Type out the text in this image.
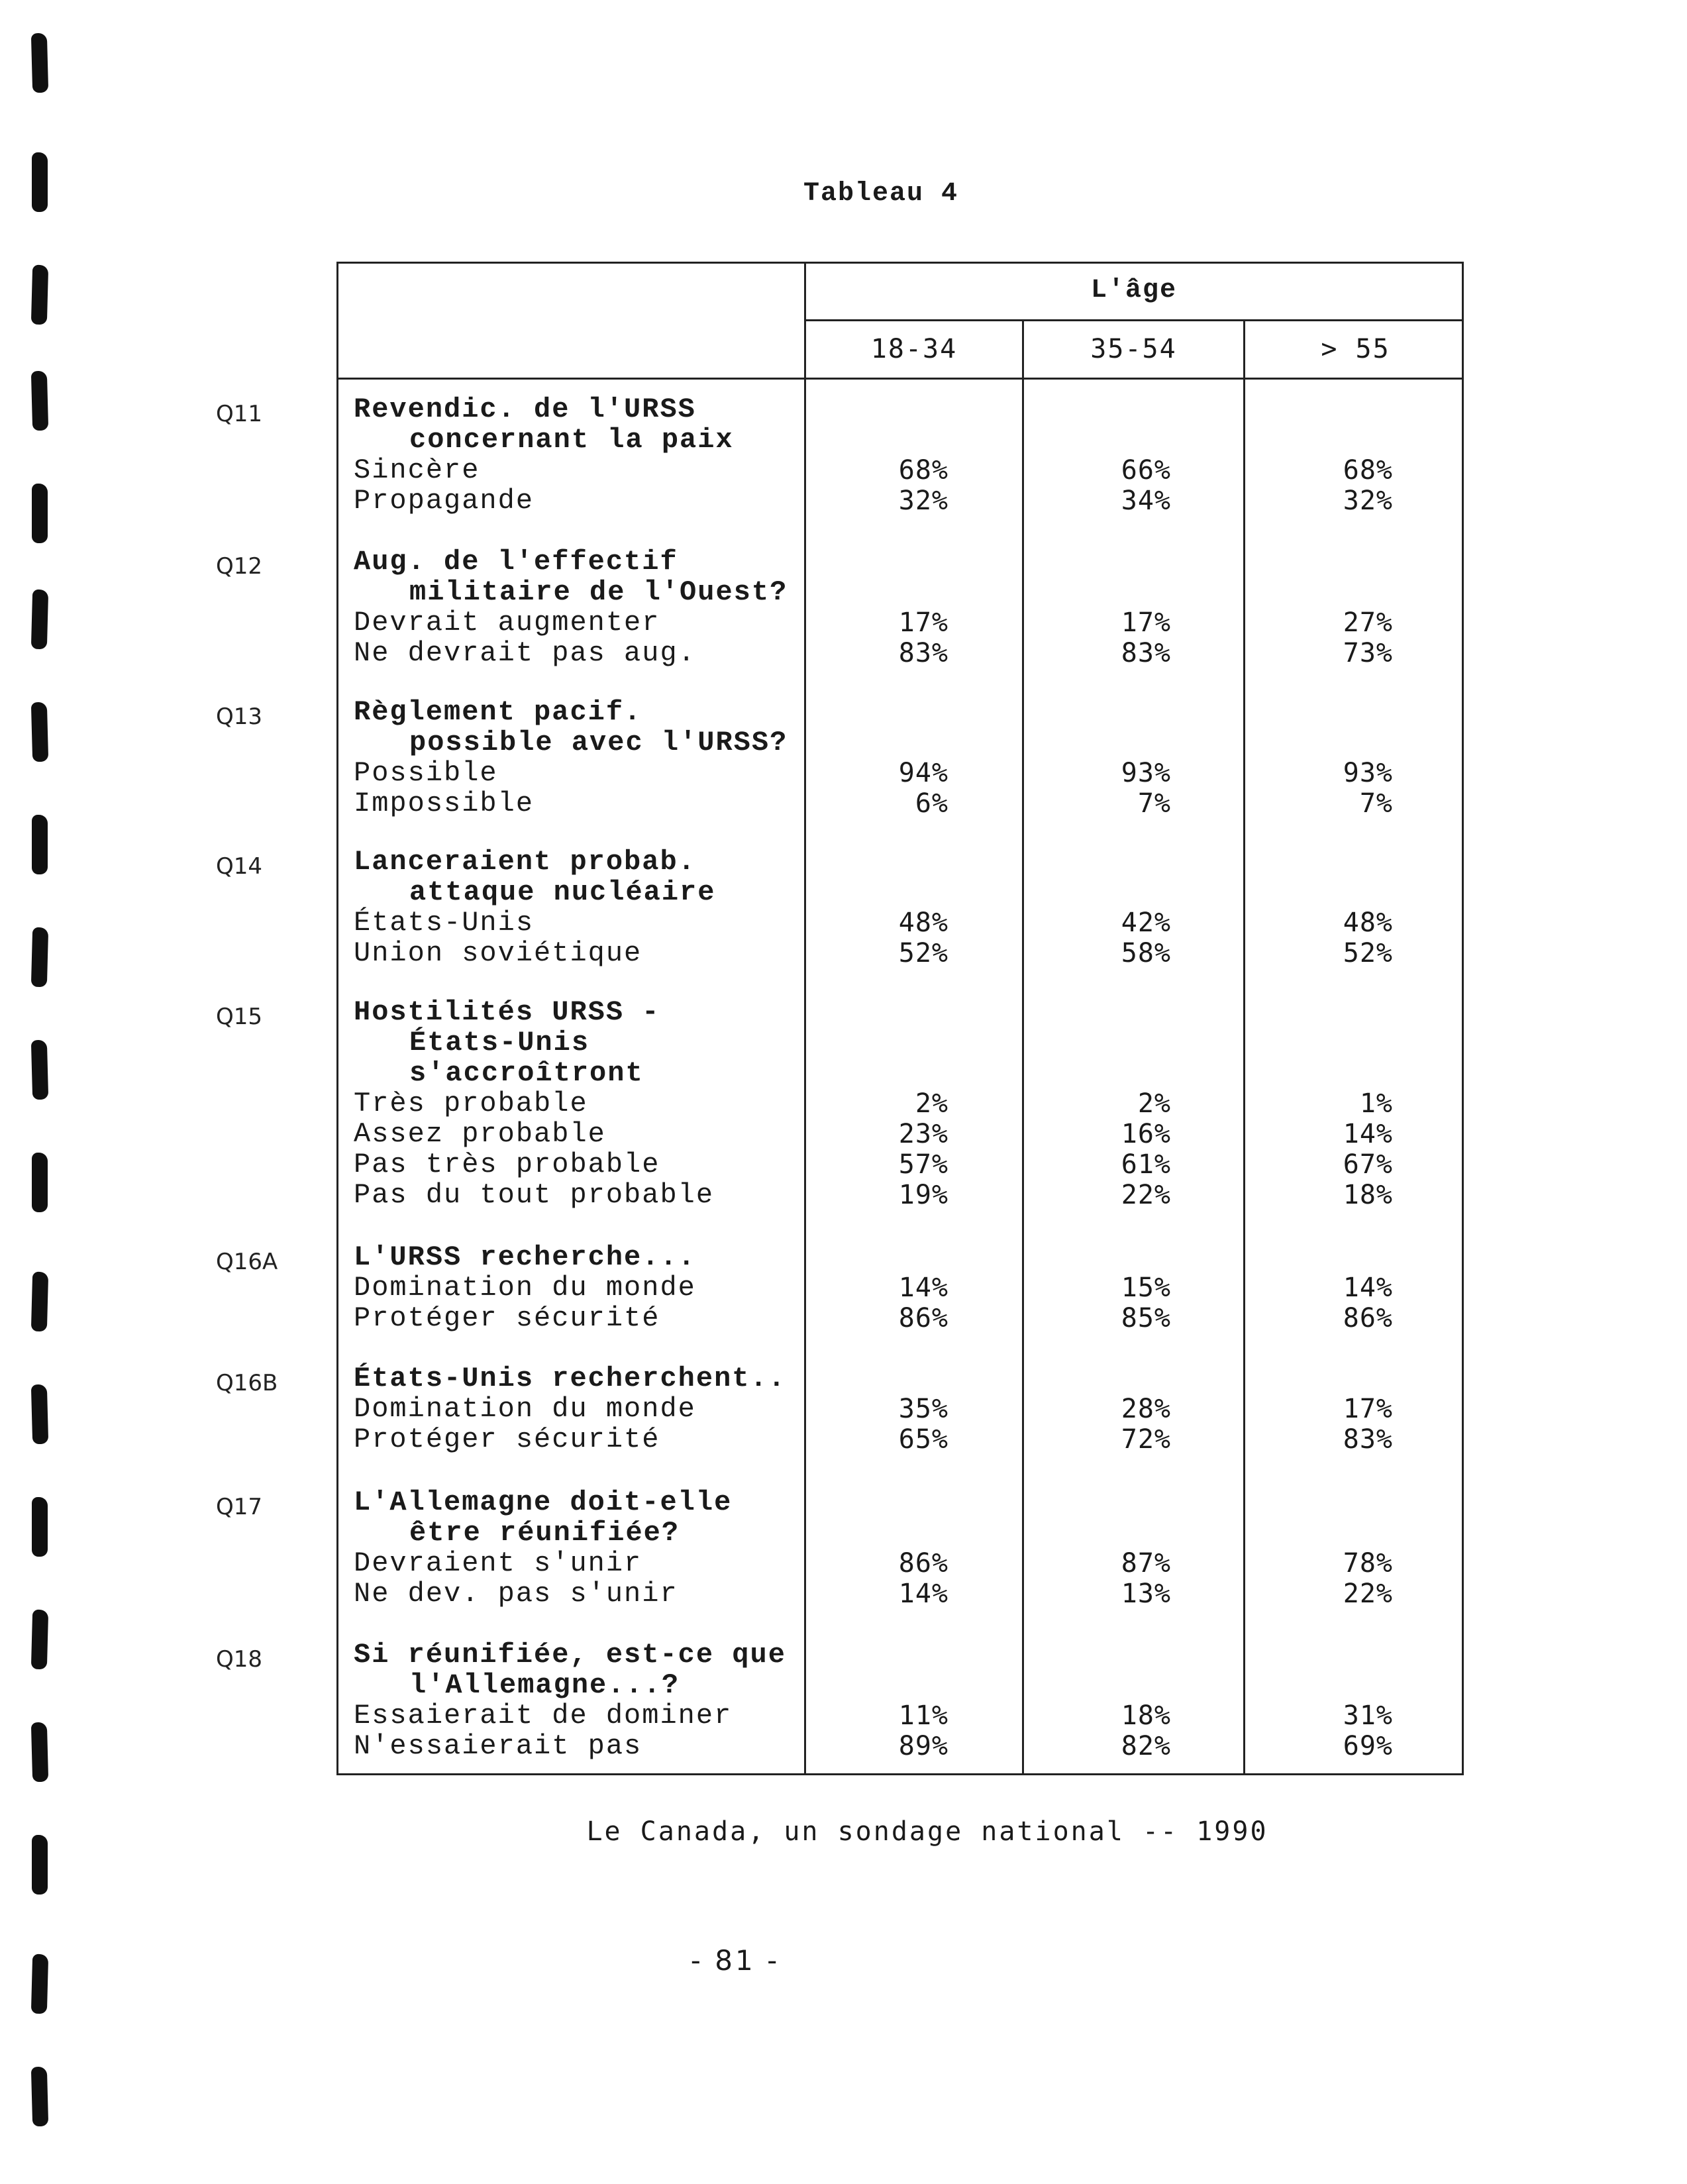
Tableau 4
L'âge
18-34	35-54	> 55
Q11	Revendic. de l'URSS
concernant la paix
Sincère	68%	66%	68%
Propagande	32%	34%	32%
Q12	Aug. de l'effectif
militaire de l'Ouest?
Devrait augmenter	17%	17%	27%
Ne devrait pas aug.	83%	83%	73%
Q13	Règlement pacif.
possible avec l'URSS?
Possible	94%	93%	93%
Impossible	6%	7%	7%
Q14	Lanceraient probab.
attaque nucléaire
États-Unis	48%	42%	48%
Union soviétique	52%	58%	52%
Q15	Hostilités URSS -
États-Unis
s'accroîtront
Très probable	2%	2%	1%
Assez probable	23%	16%	14%
Pas très probable	57%	61%	67%
Pas du tout probable	19%	22%	18%
Q16A	L'URSS recherche...
Domination du monde	14%	15%	14%
Protéger sécurité	86%	85%	86%
Q16B	États-Unis recherchent..
Domination du monde	35%	28%	17%
Protéger sécurité	65%	72%	83%
Q17	L'Allemagne doit-elle
être réunifiée?
Devraient s'unir	86%	87%	78%
Ne dev. pas s'unir	14%	13%	22%
Q18	Si réunifiée, est-ce que
l'Allemagne...?
Essaierait de dominer	11%	18%	31%
N'essaierait pas	89%	82%	69%
Le Canada, un sondage national -- 1990
- 81 -
